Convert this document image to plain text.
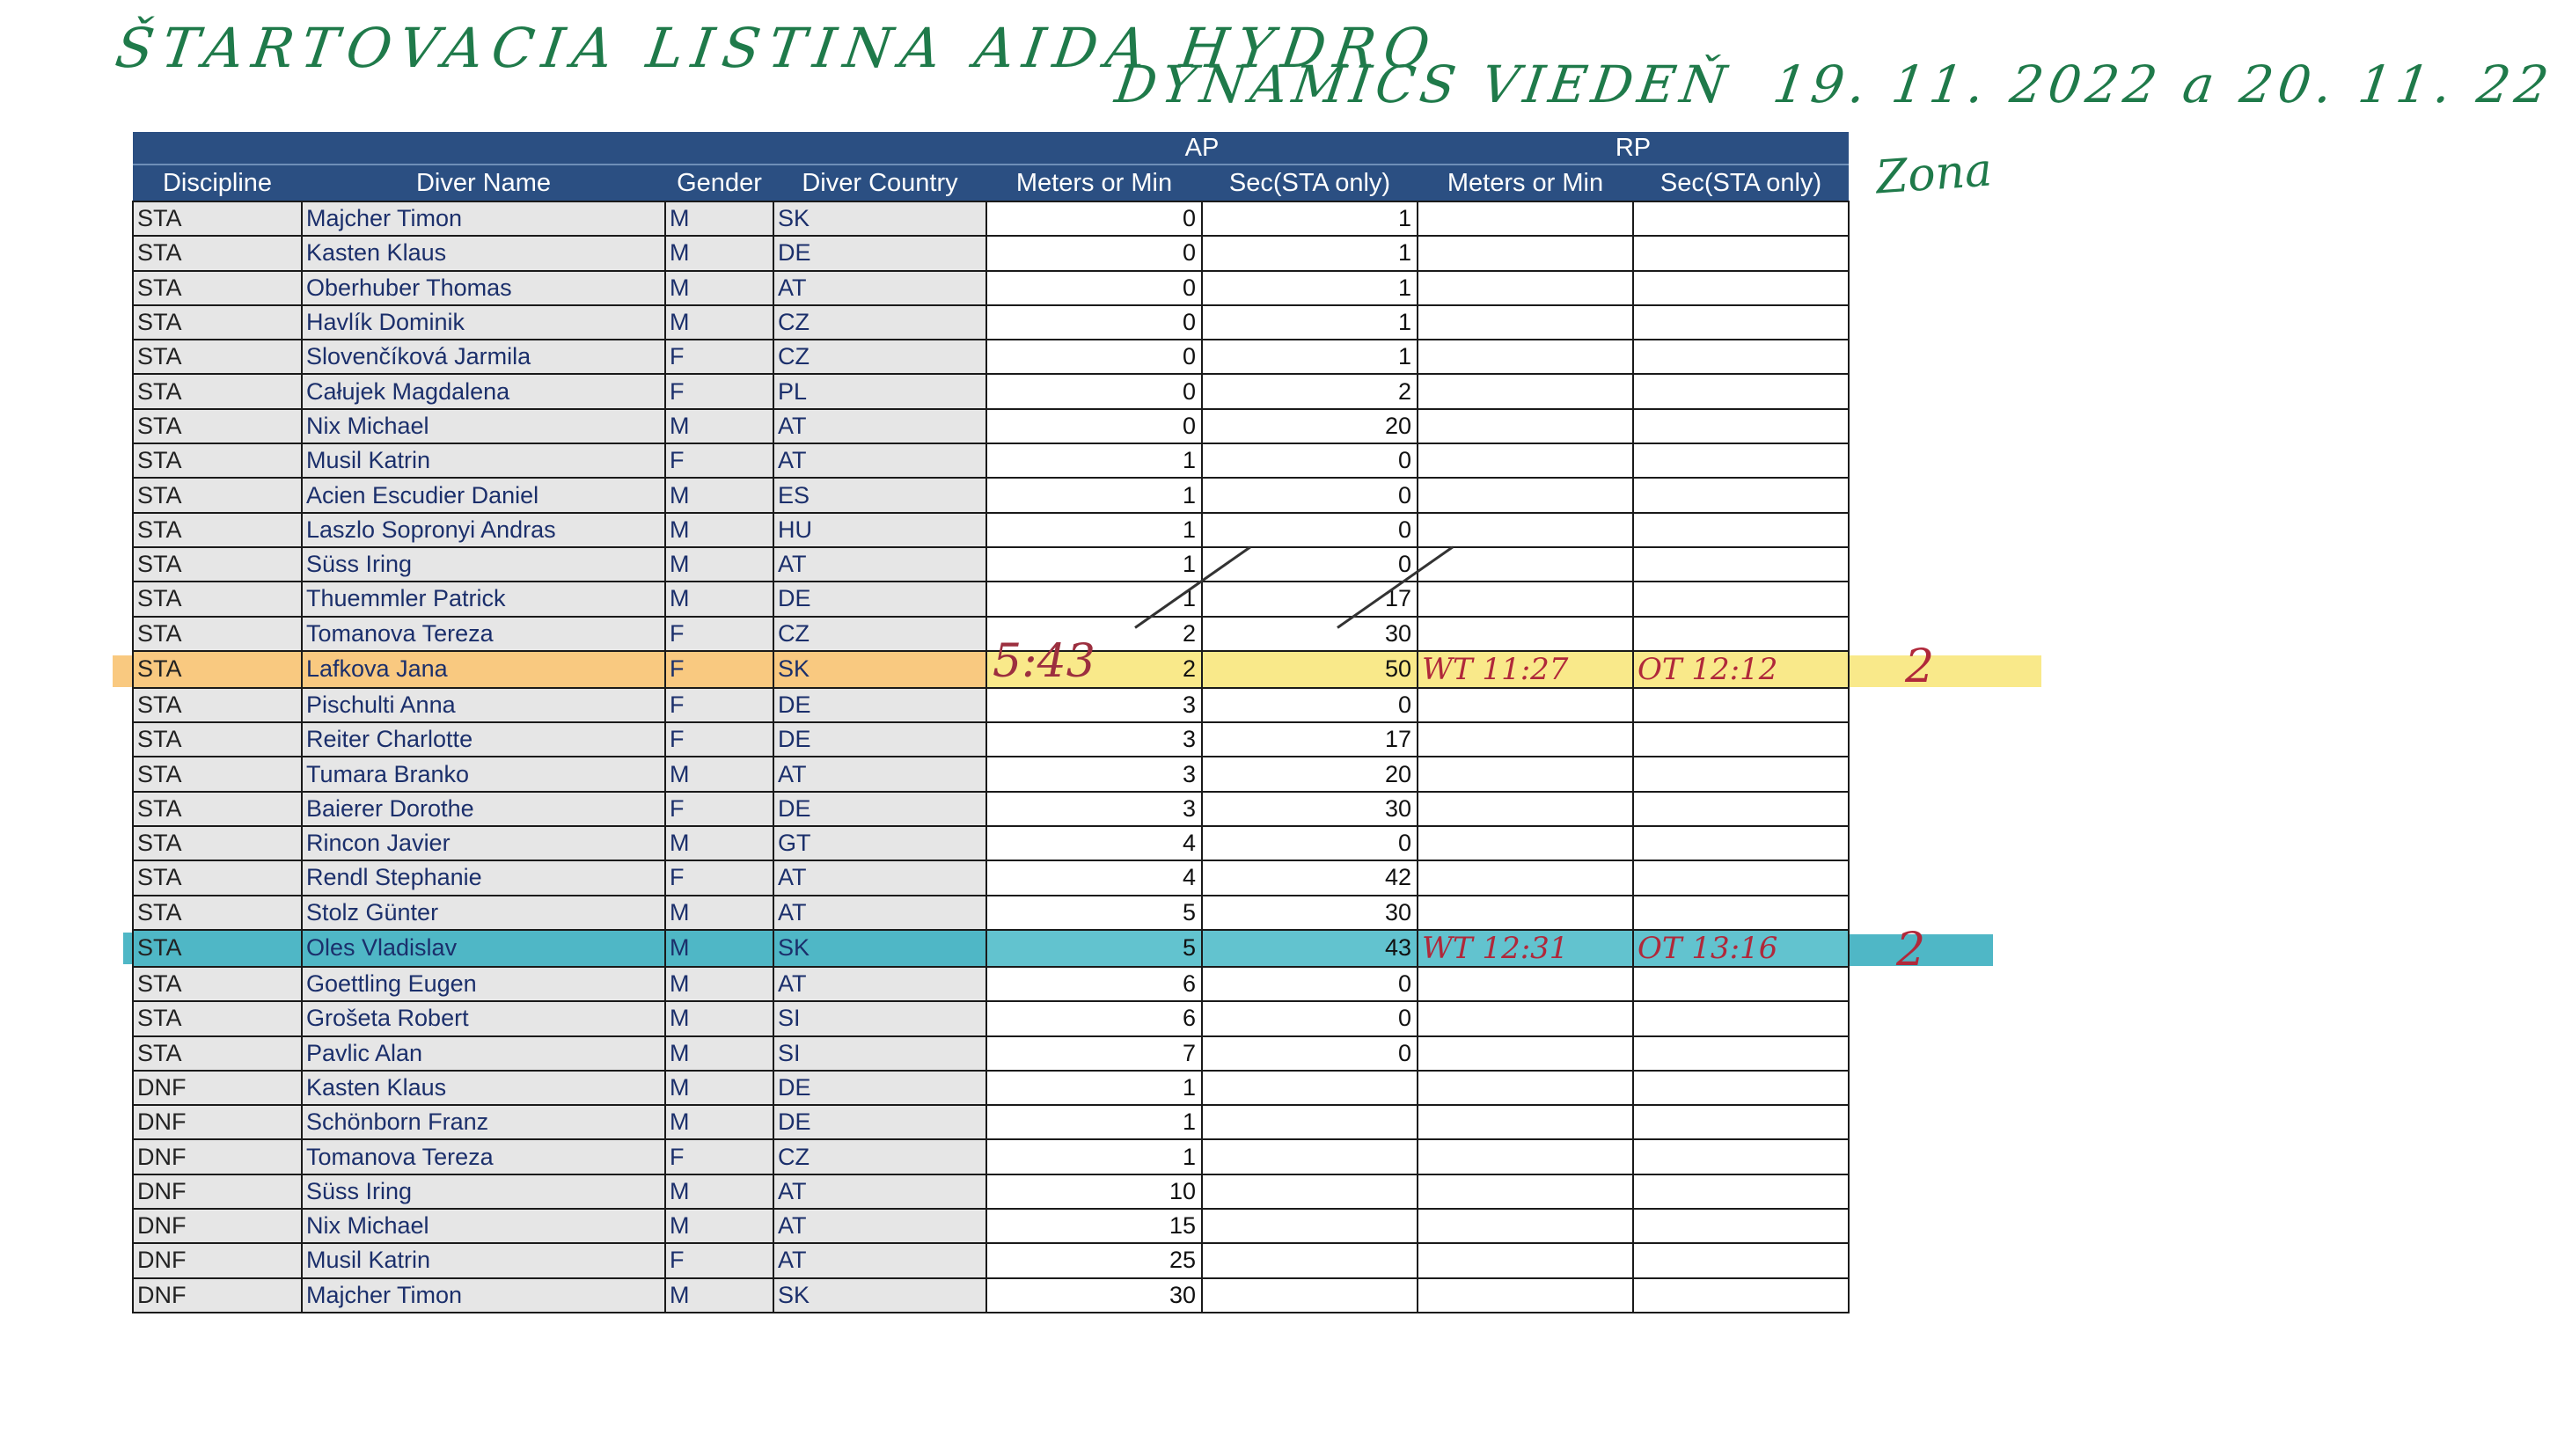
ŠTARTOVACIA LISTINA AIDA HYDRO
DYNAMICS VIEDEŇ  19. 11. 2022 a 20. 11. 22
Zona
				AP		RP	
Discipline	Diver Name	Gender	Diver Country	Meters or Min	Sec(STA only)	Meters or Min	Sec(STA only)
STA	Majcher Timon	M	SK	0	1		
STA	Kasten Klaus	M	DE	0	1		
STA	Oberhuber Thomas	M	AT	0	1		
STA	Havlík Dominik	M	CZ	0	1		
STA	Slovenčíková Jarmila	F	CZ	0	1		
STA	Całujek Magdalena	F	PL	0	2		
STA	Nix Michael	M	AT	0	20		
STA	Musil Katrin	F	AT	1	0		
STA	Acien Escudier Daniel	M	ES	1	0		
STA	Laszlo Sopronyi Andras	M	HU	1	0		
STA	Süss Iring	M	AT	1	0		
STA	Thuemmler Patrick	M	DE	1	17		
STA	Tomanova Tereza	F	CZ	2	30		
STA	Lafkova Jana	F	SK	2	50	WT 11:27	OT 12:12
STA	Pischulti Anna	F	DE	3	0		
STA	Reiter Charlotte	F	DE	3	17		
STA	Tumara Branko	M	AT	3	20		
STA	Baierer Dorothe	F	DE	3	30		
STA	Rincon Javier	M	GT	4	0		
STA	Rendl Stephanie	F	AT	4	42		
STA	Stolz Günter	M	AT	5	30		
STA	Oles Vladislav	M	SK	5	43	WT 12:31	OT 13:16
STA	Goettling Eugen	M	AT	6	0		
STA	Grošeta Robert	M	SI	6	0		
STA	Pavlic Alan	M	SI	7	0		
DNF	Kasten Klaus	M	DE	1			
DNF	Schönborn Franz	M	DE	1			
DNF	Tomanova Tereza	F	CZ	1			
DNF	Süss Iring	M	AT	10			
DNF	Nix Michael	M	AT	15			
DNF	Musil Katrin	F	AT	25			
DNF	Majcher Timon	M	SK	30			
5:43	2
2
